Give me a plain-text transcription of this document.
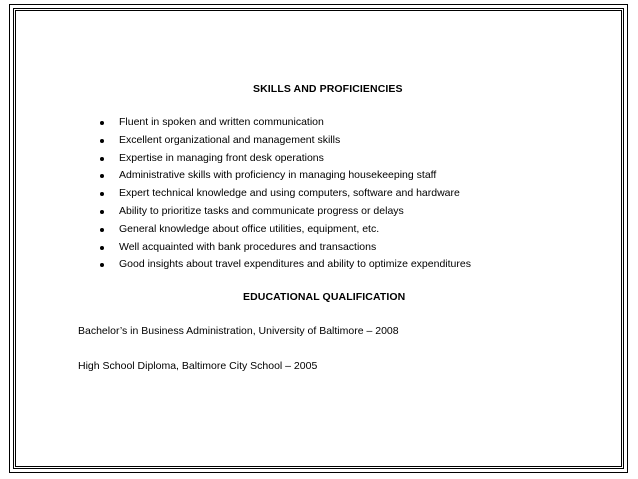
SKILLS AND PROFICIENCIES
Fluent in spoken and written communication
Excellent organizational and management skills
Expertise in managing front desk operations
Administrative skills with proficiency in managing housekeeping staff
Expert technical knowledge and using computers, software and hardware
Ability to prioritize tasks and communicate progress or delays
General knowledge about office utilities, equipment, etc.
Well acquainted with bank procedures and transactions
Good insights about travel expenditures and ability to optimize expenditures
EDUCATIONAL QUALIFICATION
Bachelor’s in Business Administration, University of Baltimore – 2008
High School Diploma, Baltimore City School – 2005
